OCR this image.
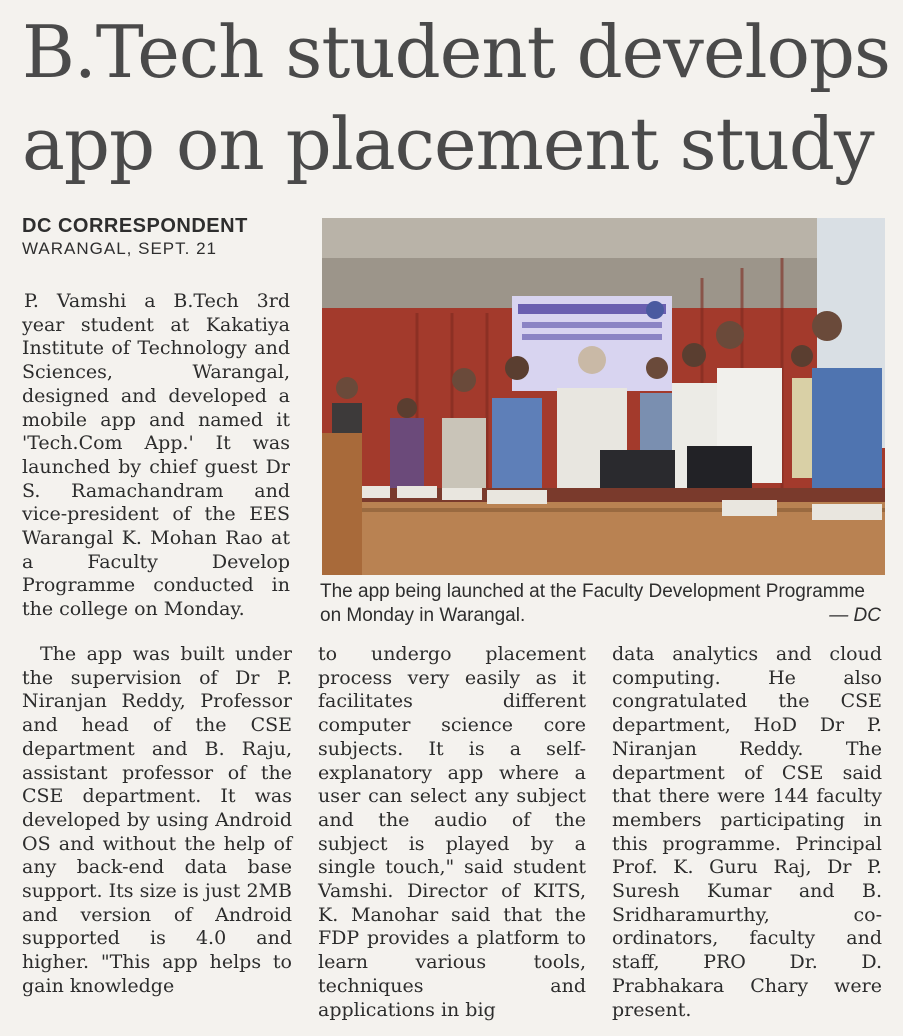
B.Tech student develops app on placement study
DC CORRESPONDENT
WARANGAL, SEPT. 21

P. Vamshi a B.Tech 3rd year student at Kakatiya Institute of Technology and Sciences, Warangal, designed and developed a mobile app and named it 'Tech.Com App.' It was launched by chief guest Dr S. Ramachandram and vice-president of the EES Warangal K. Mohan Rao at a Faculty Develop Programme conducted in the college on Monday.

The app being launched at the Faculty Development Programme on Monday in Warangal.	— DC

The app was built under the supervision of Dr P. Niranjan Reddy, Professor and head of the CSE department and B. Raju, assistant professor of the CSE department. It was developed by using Android OS and without the help of any back-end data base support. Its size is just 2MB and version of Android supported is 4.0 and higher. "This app helps to gain knowledge

to undergo placement process very easily as it facilitates different computer science core subjects. It is a self-explanatory app where a user can select any subject and the audio of the subject is played by a single touch," said student Vamshi. Director of KITS, K. Manohar said that the FDP provides a platform to learn various tools, techniques and applications in big

data analytics and cloud computing. He also congratulated the CSE department, HoD Dr P. Niranjan Reddy. The department of CSE said that there were 144 faculty members participating in this programme. Principal Prof. K. Guru Raj, Dr P. Suresh Kumar and B. Sridharamurthy, co-ordinators, faculty and staff, PRO Dr. D. Prabhakara Chary were present.
